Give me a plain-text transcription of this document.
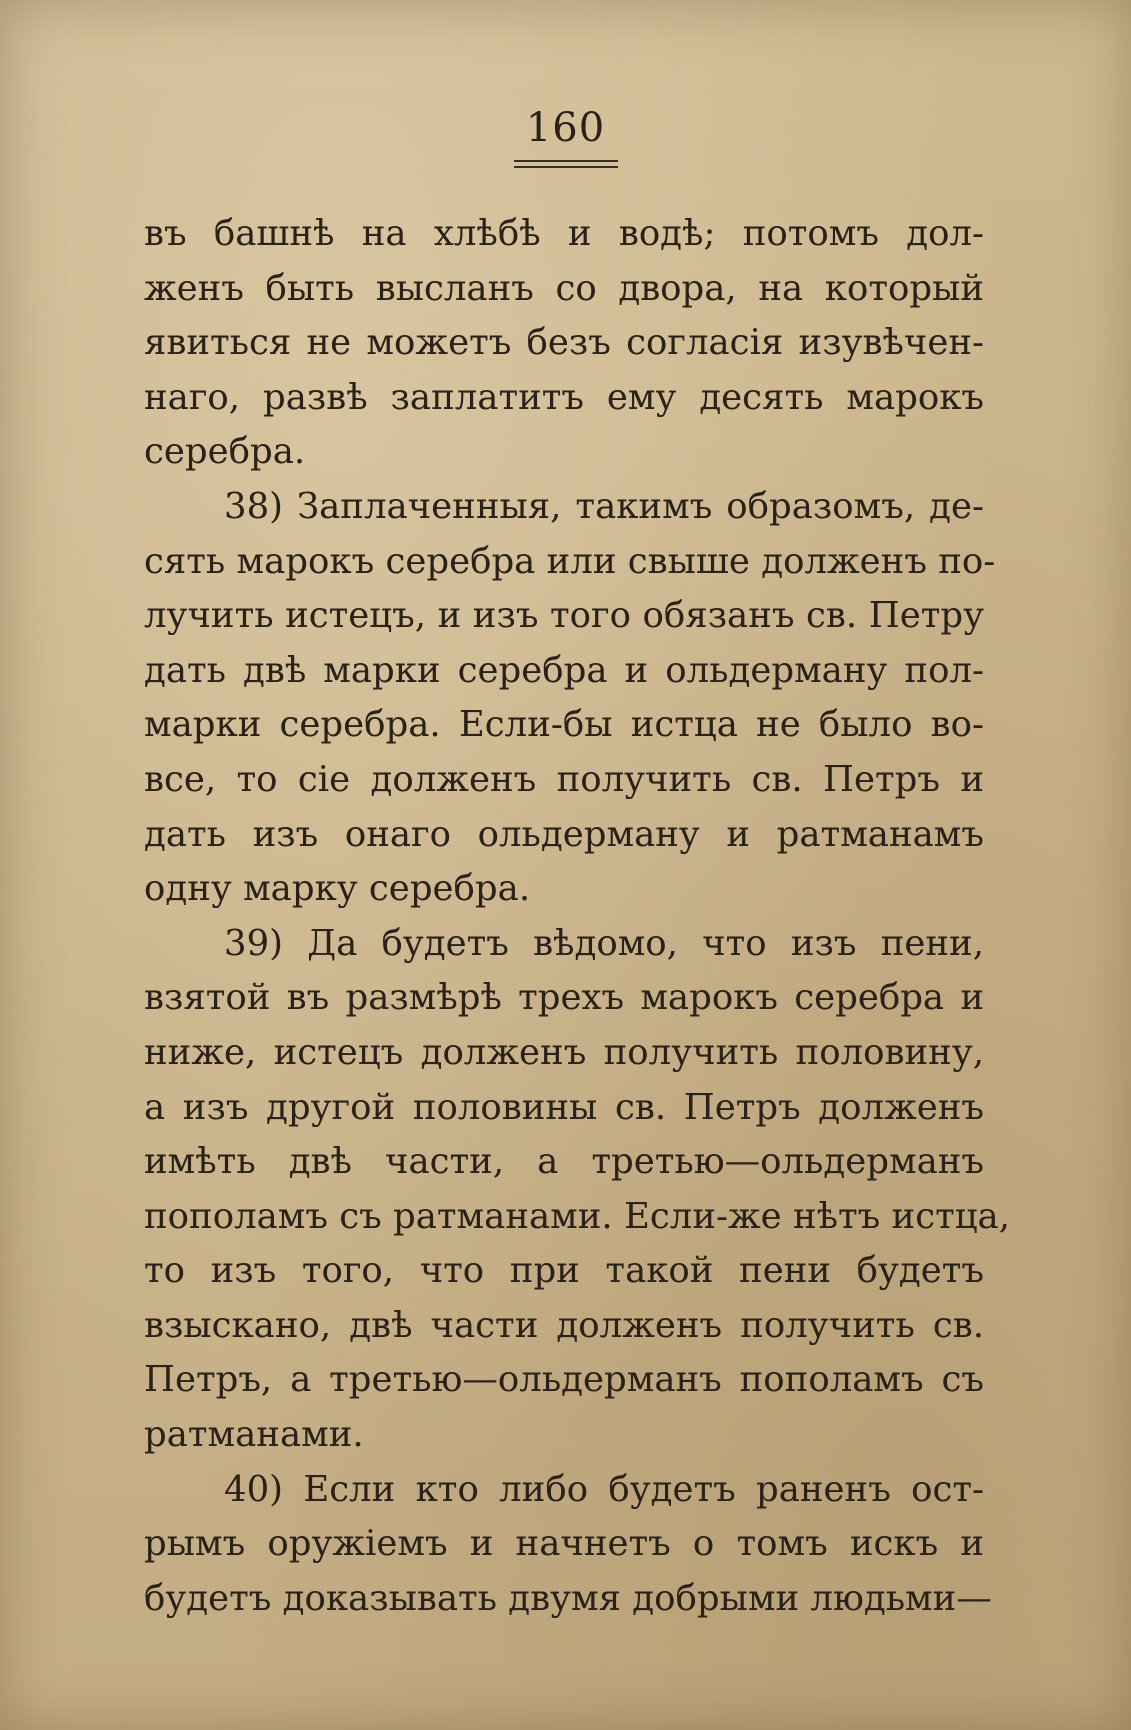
160
въ башнѣ на хлѣбѣ и водѣ; потомъ дол-
женъ быть высланъ со двора, на который
явиться не можетъ безъ согласія изувѣчен-
наго, развѣ заплатитъ ему десять марокъ
серебра.
38) Заплаченныя, такимъ образомъ, де-
сять марокъ серебра или свыше долженъ по-
лучить истецъ, и изъ того обязанъ св. Петру
дать двѣ марки серебра и ольдерману пол-
марки серебра. Если-бы истца не было во-
все, то сіе долженъ получить св. Петръ и
дать изъ онаго ольдерману и ратманамъ
одну марку серебра.
39) Да будетъ вѣдомо, что изъ пени,
взятой въ размѣрѣ трехъ марокъ серебра и
ниже, истецъ долженъ получить половину,
а изъ другой половины св. Петръ долженъ
имѣть двѣ части, а третью—ольдерманъ
пополамъ съ ратманами. Если-же нѣтъ истца,
то изъ того, что при такой пени будетъ
взыскано, двѣ части долженъ получить св.
Петръ, а третью—ольдерманъ пополамъ съ
ратманами.
40) Если кто либо будетъ раненъ ост-
рымъ оружіемъ и начнетъ о томъ искъ и
будетъ доказывать двумя добрыми людьми—
